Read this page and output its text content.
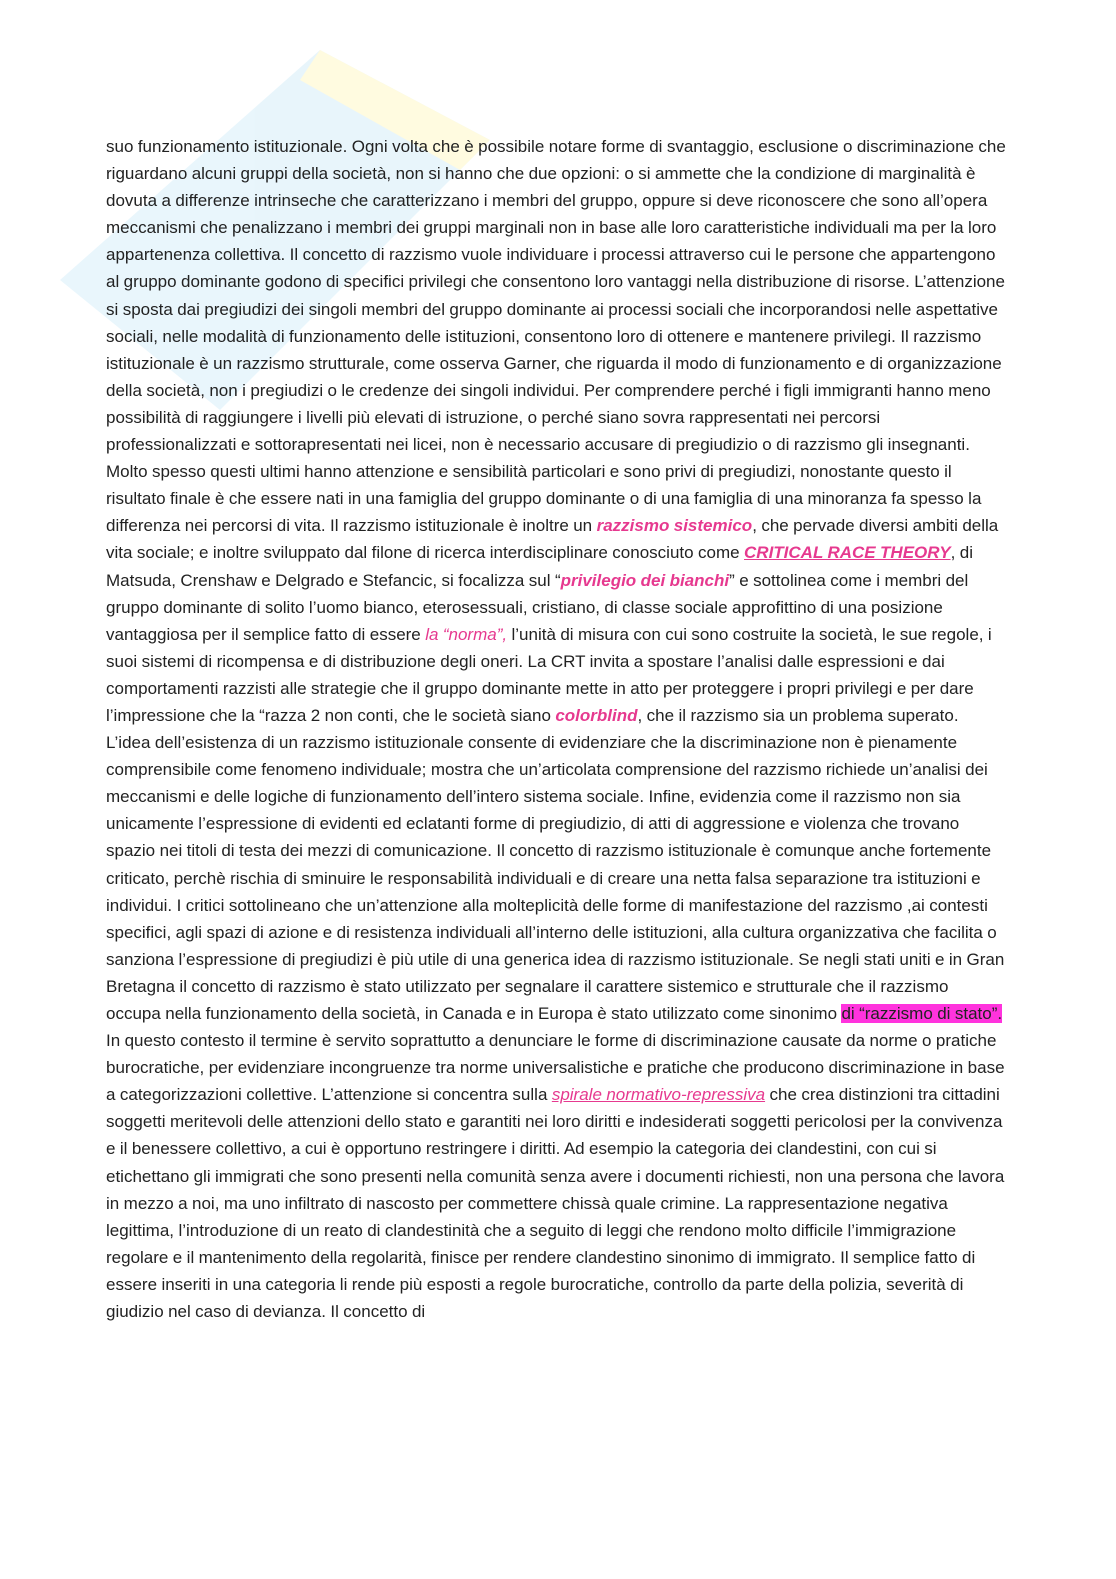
suo funzionamento istituzionale. Ogni volta che è possibile notare forme di svantaggio, esclusione o discriminazione che riguardano alcuni gruppi della società, non si hanno che due opzioni: o si ammette che la condizione di marginalità è dovuta a differenze intrinseche che caratterizzano i membri del gruppo, oppure si deve riconoscere che sono all’opera meccanismi che penalizzano i membri dei gruppi marginali non in base alle loro caratteristiche individuali ma per la loro appartenenza collettiva. Il concetto di razzismo vuole individuare i processi attraverso cui le persone che appartengono al gruppo dominante godono di specifici privilegi che consentono loro vantaggi nella distribuzione di risorse. L’attenzione si sposta dai pregiudizi dei singoli membri del gruppo dominante ai processi sociali che incorporandosi nelle aspettative sociali, nelle modalità di funzionamento delle istituzioni, consentono loro di ottenere e mantenere privilegi. Il razzismo istituzionale è un razzismo strutturale, come osserva Garner, che riguarda il modo di funzionamento e di organizzazione della società, non i pregiudizi o le credenze dei singoli individui. Per comprendere perché i figli immigranti hanno meno possibilità di raggiungere i livelli più elevati di istruzione, o perché siano sovra rappresentati nei percorsi professionalizzati e sottorapresentati nei licei, non è necessario accusare di pregiudizio o di razzismo gli insegnanti. Molto spesso questi ultimi hanno attenzione e sensibilità particolari e sono privi di pregiudizi, nonostante questo il risultato finale è che essere nati in una famiglia del gruppo dominante o di una famiglia di una minoranza fa spesso la differenza nei percorsi di vita. Il razzismo istituzionale è inoltre un razzismo sistemico, che pervade diversi ambiti della vita sociale; e inoltre sviluppato dal filone di ricerca interdisciplinare conosciuto come CRITICAL RACE THEORY, di Matsuda, Crenshaw e Delgrado e Stefancic, si focalizza sul “privilegio dei bianchi” e sottolinea come i membri del gruppo dominante di solito l’uomo bianco, eterosessuali, cristiano, di classe sociale approfittino di una posizione vantaggiosa per il semplice fatto di essere la “norma”, l’unità di misura con cui sono costruite la società, le sue regole, i suoi sistemi di ricompensa e di distribuzione degli oneri. La CRT invita a spostare l’analisi dalle espressioni e dai comportamenti razzisti alle strategie che il gruppo dominante mette in atto per proteggere i propri privilegi e per dare l’impressione che la “razza 2 non conti, che le società siano colorblind, che il razzismo sia un problema superato. L’idea dell’esistenza di un razzismo istituzionale consente di evidenziare che la discriminazione non è pienamente comprensibile come fenomeno individuale; mostra che un’articolata comprensione del razzismo richiede un’analisi dei meccanismi e delle logiche di funzionamento dell’intero sistema sociale. Infine, evidenzia come il razzismo non sia unicamente l’espressione di evidenti ed eclatanti forme di pregiudizio, di atti di aggressione e violenza che trovano spazio nei titoli di testa dei mezzi di comunicazione. Il concetto di razzismo istituzionale è comunque anche fortemente criticato, perchè rischia di sminuire le responsabilità individuali e di creare una netta falsa separazione tra istituzioni e individui. I critici sottolineano che un’attenzione alla molteplicità delle forme di manifestazione del razzismo ,ai contesti specifici, agli spazi di azione e di resistenza individuali all’interno delle istituzioni, alla cultura organizzativa che facilita o sanziona l’espressione di pregiudizi è più utile di una generica idea di razzismo istituzionale. Se negli stati uniti e in Gran Bretagna il concetto di razzismo è stato utilizzato per segnalare il carattere sistemico e strutturale che il razzismo occupa nella funzionamento della società, in Canada e in Europa è stato utilizzato come sinonimo di “razzismo di stato”. In questo contesto il termine è servito soprattutto a denunciare le forme di discriminazione causate da norme o pratiche burocratiche, per evidenziare incongruenze tra norme universalistiche e pratiche che producono discriminazione in base a categorizzazioni collettive. L’attenzione si concentra sulla spirale normativo-repressiva che crea distinzioni tra cittadini soggetti meritevoli delle attenzioni dello stato e garantiti nei loro diritti e indesiderati soggetti pericolosi per la convivenza e il benessere collettivo, a cui è opportuno restringere i diritti. Ad esempio la categoria dei clandestini, con cui si etichettano gli immigrati che sono presenti nella comunità senza avere i documenti richiesti, non una persona che lavora in mezzo a noi, ma uno infiltrato di nascosto per commettere chissà quale crimine. La rappresentazione negativa legittima, l’introduzione di un reato di clandestinità che a seguito di leggi che rendono molto difficile l’immigrazione regolare e il mantenimento della regolarità, finisce per rendere clandestino sinonimo di immigrato. Il semplice fatto di essere inseriti in una categoria li rende più esposti a regole burocratiche, controllo da parte della polizia, severità di giudizio nel caso di devianza. Il concetto di
